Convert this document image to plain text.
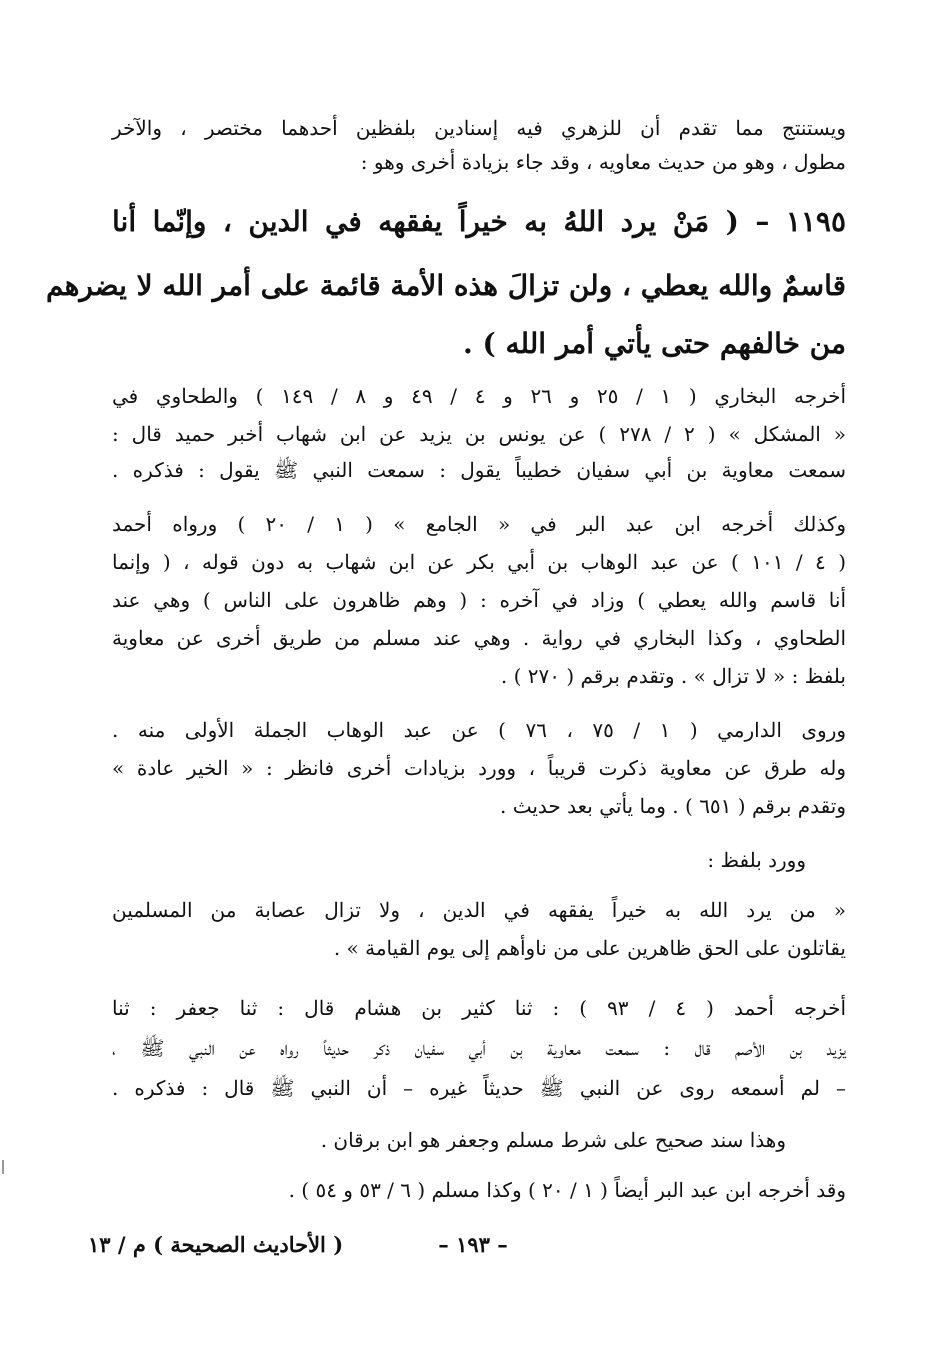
ويستنتج مما تقدم أن للزهري فيه إسنادين بلفظين أحدهما مختصر ، والآخر
مطول ، وهو من حديث معاويه ، وقد جاء بزيادة أخرى وهو :
١١٩٥ – ( مَنْ يرد اللهُ به خيراً يفقهه في الدين ، وإنّما أنا
قاسمٌ والله يعطي ، ولن تزالَ هذه الأمة قائمة على أمر الله لا يضرهم
من خالفهم حتى يأتي أمر الله ) .
أخرجه البخاري ( ١ / ٢٥ و ٢٦ و ٤ / ٤٩ و ٨ / ١٤٩ ) والطحاوي في
« المشكل » ( ٢ / ٢٧٨ ) عن يونس بن يزيد عن ابن شهاب أخبر حميد قال :
سمعت معاوية بن أبي سفيان خطيباً يقول : سمعت النبي ﷺ يقول : فذكره .
وكذلك أخرجه ابن عبد البر في « الجامع » ( ١ / ٢٠ ) ورواه أحمد
( ٤ / ١٠١ ) عن عبد الوهاب بن أبي بكر عن ابن شهاب به دون قوله ، ( وإنما
أنا قاسم والله يعطي ) وزاد في آخره : ( وهم ظاهرون على الناس ) وهي عند
الطحاوي ، وكذا البخاري في رواية . وهي عند مسلم من طريق أخرى عن معاوية
بلفظ : « لا تزال » . وتقدم برقم ( ٢٧٠ ) .
وروى الدارمي ( ١ / ٧٥ ، ٧٦ ) عن عبد الوهاب الجملة الأولى منه .
وله طرق عن معاوية ذكرت قريباً ، وورد بزيادات أخرى فانظر : « الخير عادة »
وتقدم برقم ( ٦٥١ ) . وما يأتي بعد حديث .
وورد بلفظ :
« من يرد الله به خيراً يفقهه في الدين ، ولا تزال عصابة من المسلمين
يقاتلون على الحق ظاهرين على من ناوأهم إلى يوم القيامة » .
أخرجه أحمد ( ٤ / ٩٣ ) : ثنا كثير بن هشام قال : ثنا جعفر : ثنا
يزيد بن الأصم قال : سمعت معاوية بن أبي سفيان ذكر حديثاً رواه عن النبي ﷺ ،
– لم أسمعه روى عن النبي ﷺ حديثاً غيره – أن النبي ﷺ قال : فذكره .
وهذا سند صحيح على شرط مسلم وجعفر هو ابن برقان .
وقد أخرجه ابن عبد البر أيضاً ( ١ / ٢٠ ) وكذا مسلم ( ٦ / ٥٣ و ٥٤ ) .
– ١٩٣ –
( الأحاديث الصحيحة ) م / ١٣
